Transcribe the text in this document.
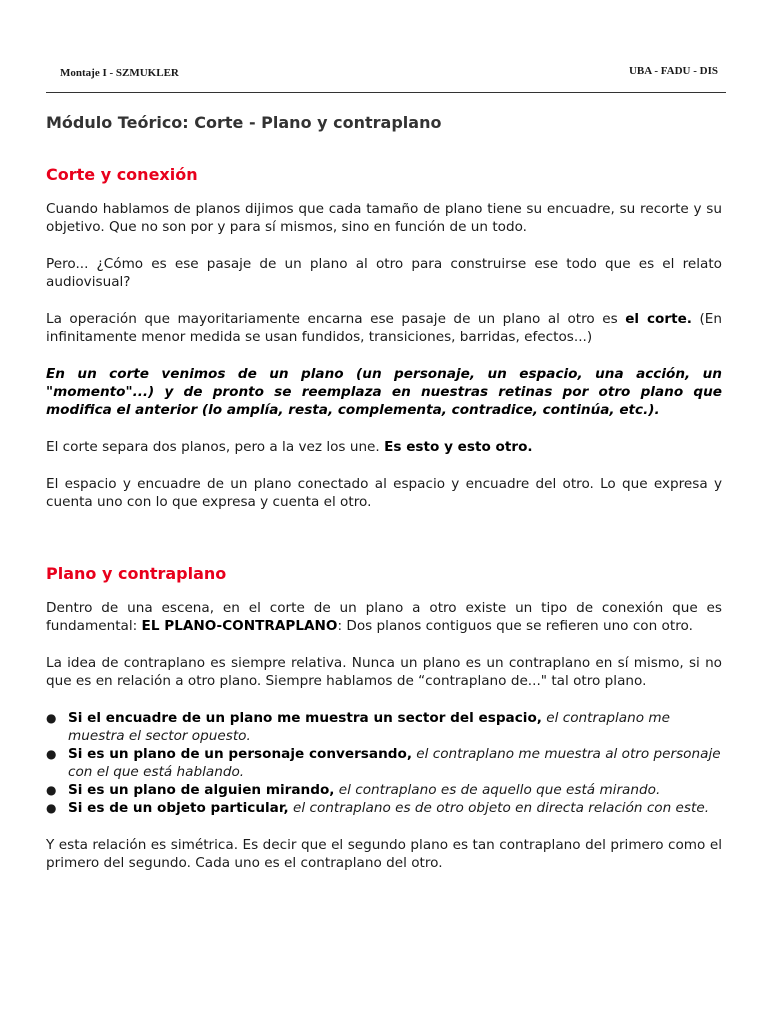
Montaje I - SZMUKLER	UBA - FADU - DIS
Módulo Teórico: Corte - Plano y contraplano
Corte y conexión

Cuando hablamos de planos dijimos que cada tamaño de plano tiene su encuadre, su recorte y su objetivo. Que no son por y para sí mismos, sino en función de un todo.

Pero... ¿Cómo es ese pasaje de un plano al otro para construirse ese todo que es el relato audiovisual?

La operación que mayoritariamente encarna ese pasaje de un plano al otro es el corte. (En infinitamente menor medida se usan fundidos, transiciones, barridas, efectos...)

En un corte venimos de un plano (un personaje, un espacio, una acción, un "momento"...) y de pronto se reemplaza en nuestras retinas por otro plano que modifica el anterior (lo amplía, resta, complementa, contradice, continúa, etc.).

El corte separa dos planos, pero a la vez los une. Es esto y esto otro.

El espacio y encuadre de un plano conectado al espacio y encuadre del otro. Lo que expresa y cuenta uno con lo que expresa y cuenta el otro.

Plano y contraplano

Dentro de una escena, en el corte de un plano a otro existe un tipo de conexión que es fundamental: EL PLANO-CONTRAPLANO: Dos planos contiguos que se refieren uno con otro.

La idea de contraplano es siempre relativa. Nunca un plano es un contraplano en sí mismo, si no que es en relación a otro plano. Siempre hablamos de “contraplano de..." tal otro plano.

● Si el encuadre de un plano me muestra un sector del espacio, el contraplano me muestra el sector opuesto.
● Si es un plano de un personaje conversando, el contraplano me muestra al otro personaje con el que está hablando.
● Si es un plano de alguien mirando, el contraplano es de aquello que está mirando.
● Si es de un objeto particular, el contraplano es de otro objeto en directa relación con este.

Y esta relación es simétrica. Es decir que el segundo plano es tan contraplano del primero como el primero del segundo. Cada uno es el contraplano del otro.
